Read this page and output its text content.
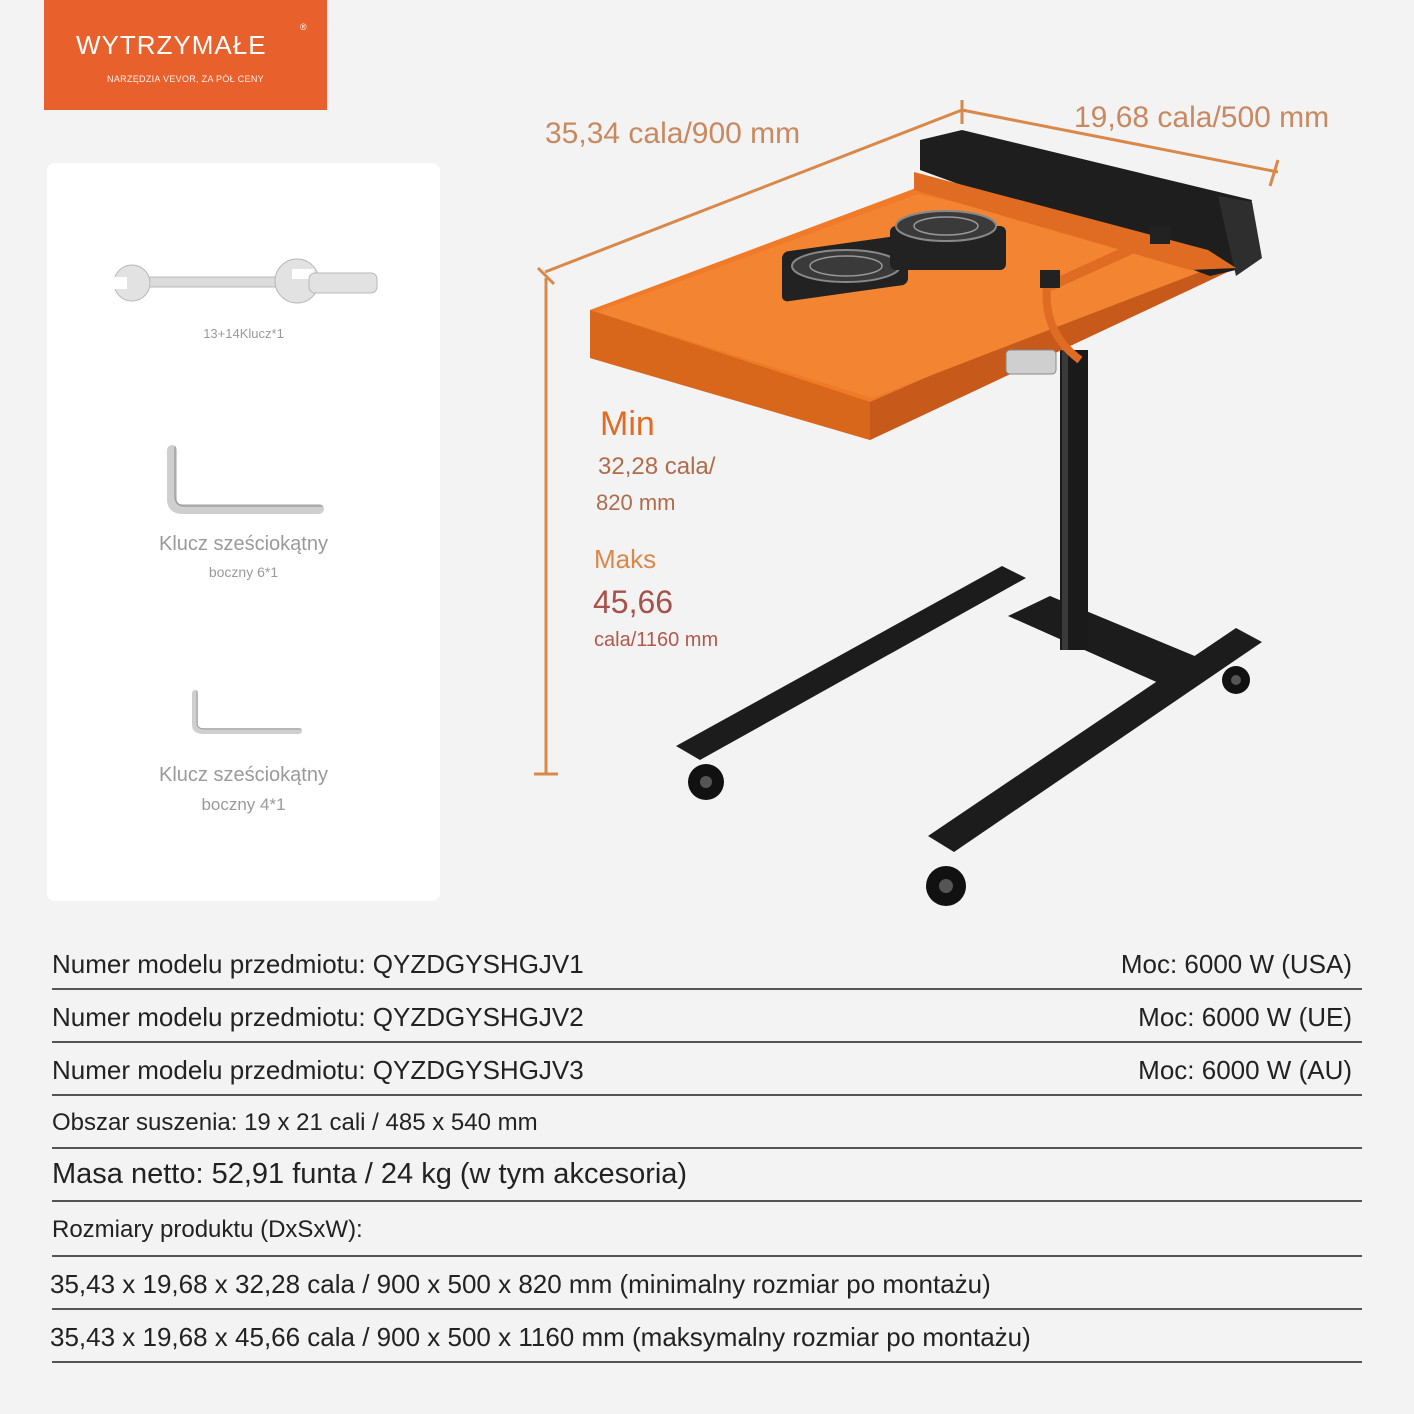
WYTRZYMAŁE
®
NARZĘDZIA VEVOR, ZA PÓŁ CENY
13+14Klucz*1
Klucz sześciokątny
boczny 6*1
Klucz sześciokątny
boczny 4*1
35,34 cala/900 mm	19,68 cala/500 mm
Min
32,28 cala/
820 mm
Maks
45,66
cala/1160 mm
Numer modelu przedmiotu: QYZDGYSHGJV1	Moc: 6000 W (USA)
Numer modelu przedmiotu: QYZDGYSHGJV2	Moc: 6000 W (UE)
Numer modelu przedmiotu: QYZDGYSHGJV3	Moc: 6000 W (AU)
Obszar suszenia: 19 x 21 cali / 485 x 540 mm
Masa netto: 52,91 funta / 24 kg (w tym akcesoria)
Rozmiary produktu (DxSxW):
35,43 x 19,68 x 32,28 cala / 900 x 500 x 820 mm (minimalny rozmiar po montażu)
35,43 x 19,68 x 45,66 cala / 900 x 500 x 1160 mm (maksymalny rozmiar po montażu)
